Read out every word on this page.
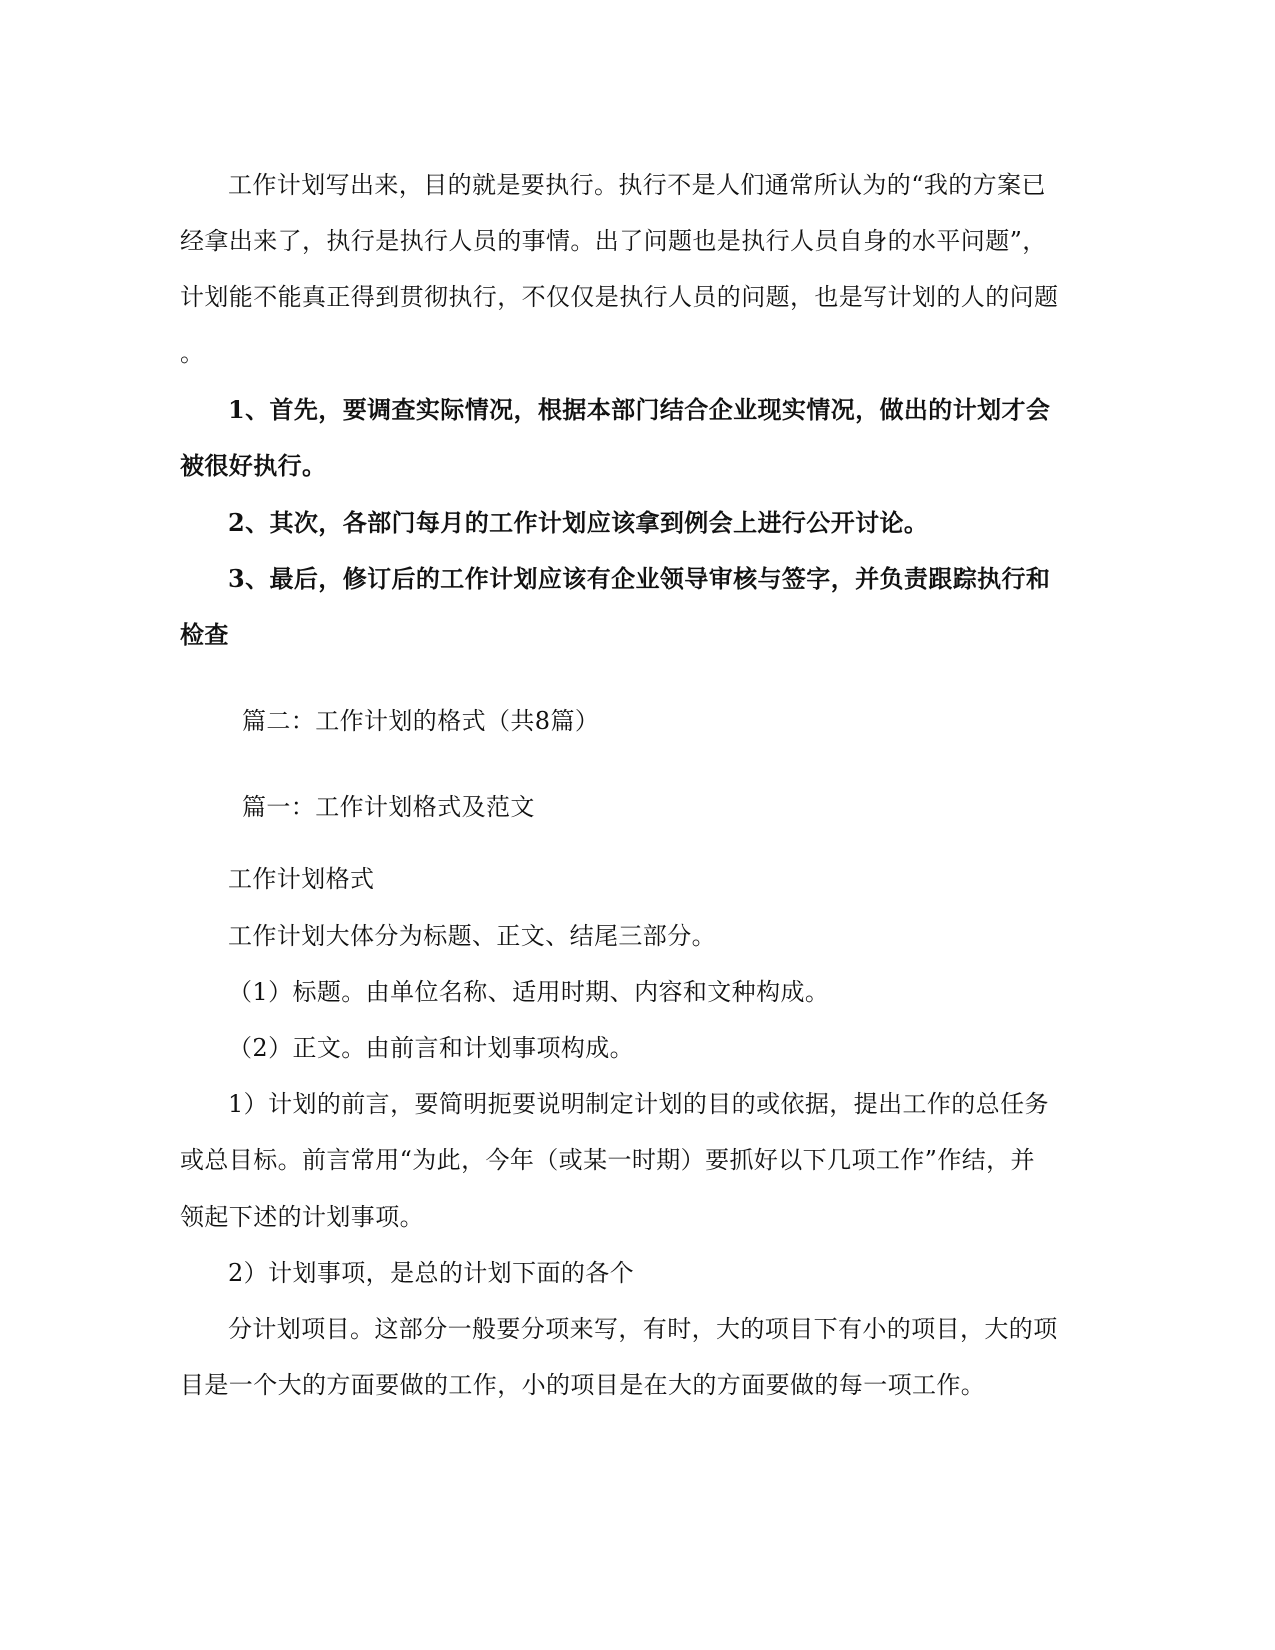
工作计划写出来，目的就是要执行。执行不是人们通常所认为的“我的方案已

经拿出来了，执行是执行人员的事情。出了问题也是执行人员自身的水平问题”，

计划能不能真正得到贯彻执行，不仅仅是执行人员的问题，也是写计划的人的问题

。

1、首先，要调查实际情况，根据本部门结合企业现实情况，做出的计划才会

被很好执行。

2、其次，各部门每月的工作计划应该拿到例会上进行公开讨论。

3、最后，修订后的工作计划应该有企业领导审核与签字，并负责跟踪执行和

检查

篇二：工作计划的格式（共8篇）

篇一：工作计划格式及范文

工作计划格式

工作计划大体分为标题、正文、结尾三部分。

（1）标题。由单位名称、适用时期、内容和文种构成。

（2）正文。由前言和计划事项构成。

1）计划的前言，要简明扼要说明制定计划的目的或依据，提出工作的总任务

或总目标。前言常用“为此，今年（或某一时期）要抓好以下几项工作”作结，并

领起下述的计划事项。

2）计划事项，是总的计划下面的各个

分计划项目。这部分一般要分项来写，有时，大的项目下有小的项目，大的项

目是一个大的方面要做的工作，小的项目是在大的方面要做的每一项工作。
